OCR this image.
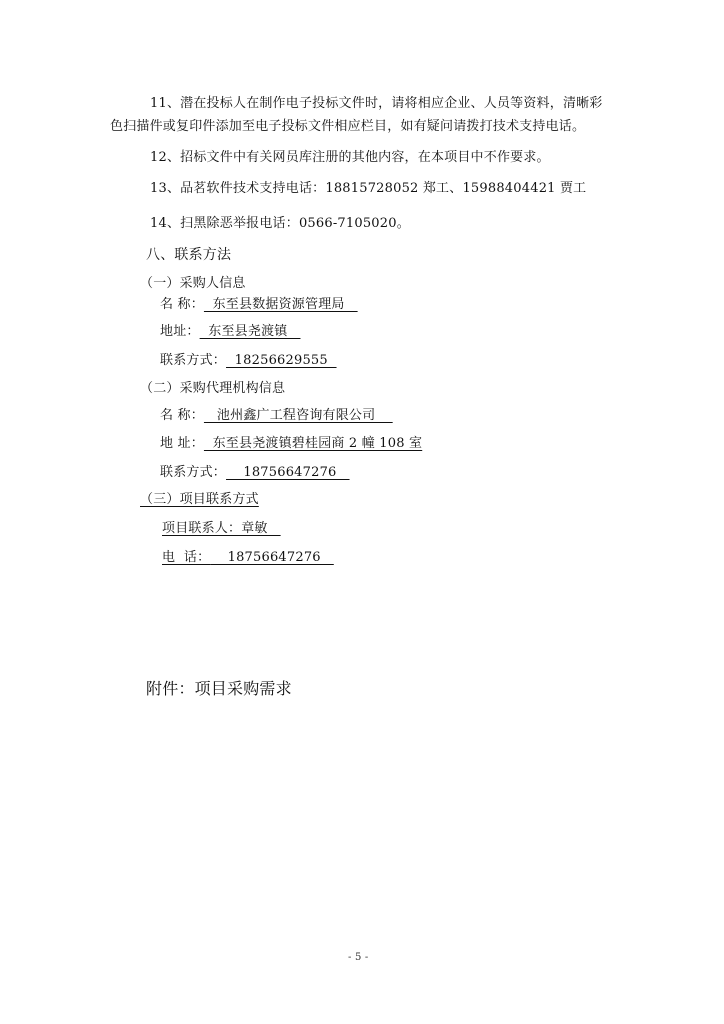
11、潜在投标人在制作电子投标文件时，请将相应企业、人员等资料，清晰彩
色扫描件或复印件添加至电子投标文件相应栏目，如有疑问请拨打技术支持电话。
12、招标文件中有关网员库注册的其他内容，在本项目中不作要求。
13、品茗软件技术支持电话：18815728052 郑工、15988404421 贾工
14、扫黑除恶举报电话：0566-7105020。
八、联系方法
（一）采购人信息
名 称：  东至县数据资源管理局
地址：  东至县尧渡镇
联系方式：  18256629555
（二）采购代理机构信息
名 称：   池州鑫广工程咨询有限公司
地 址：  东至县尧渡镇碧桂园商 2 幢 108 室
联系方式：    18756647276
（三）项目联系方式
项目联系人：章敏
电  话：    18756647276
附件：项目采购需求
- 5 -
